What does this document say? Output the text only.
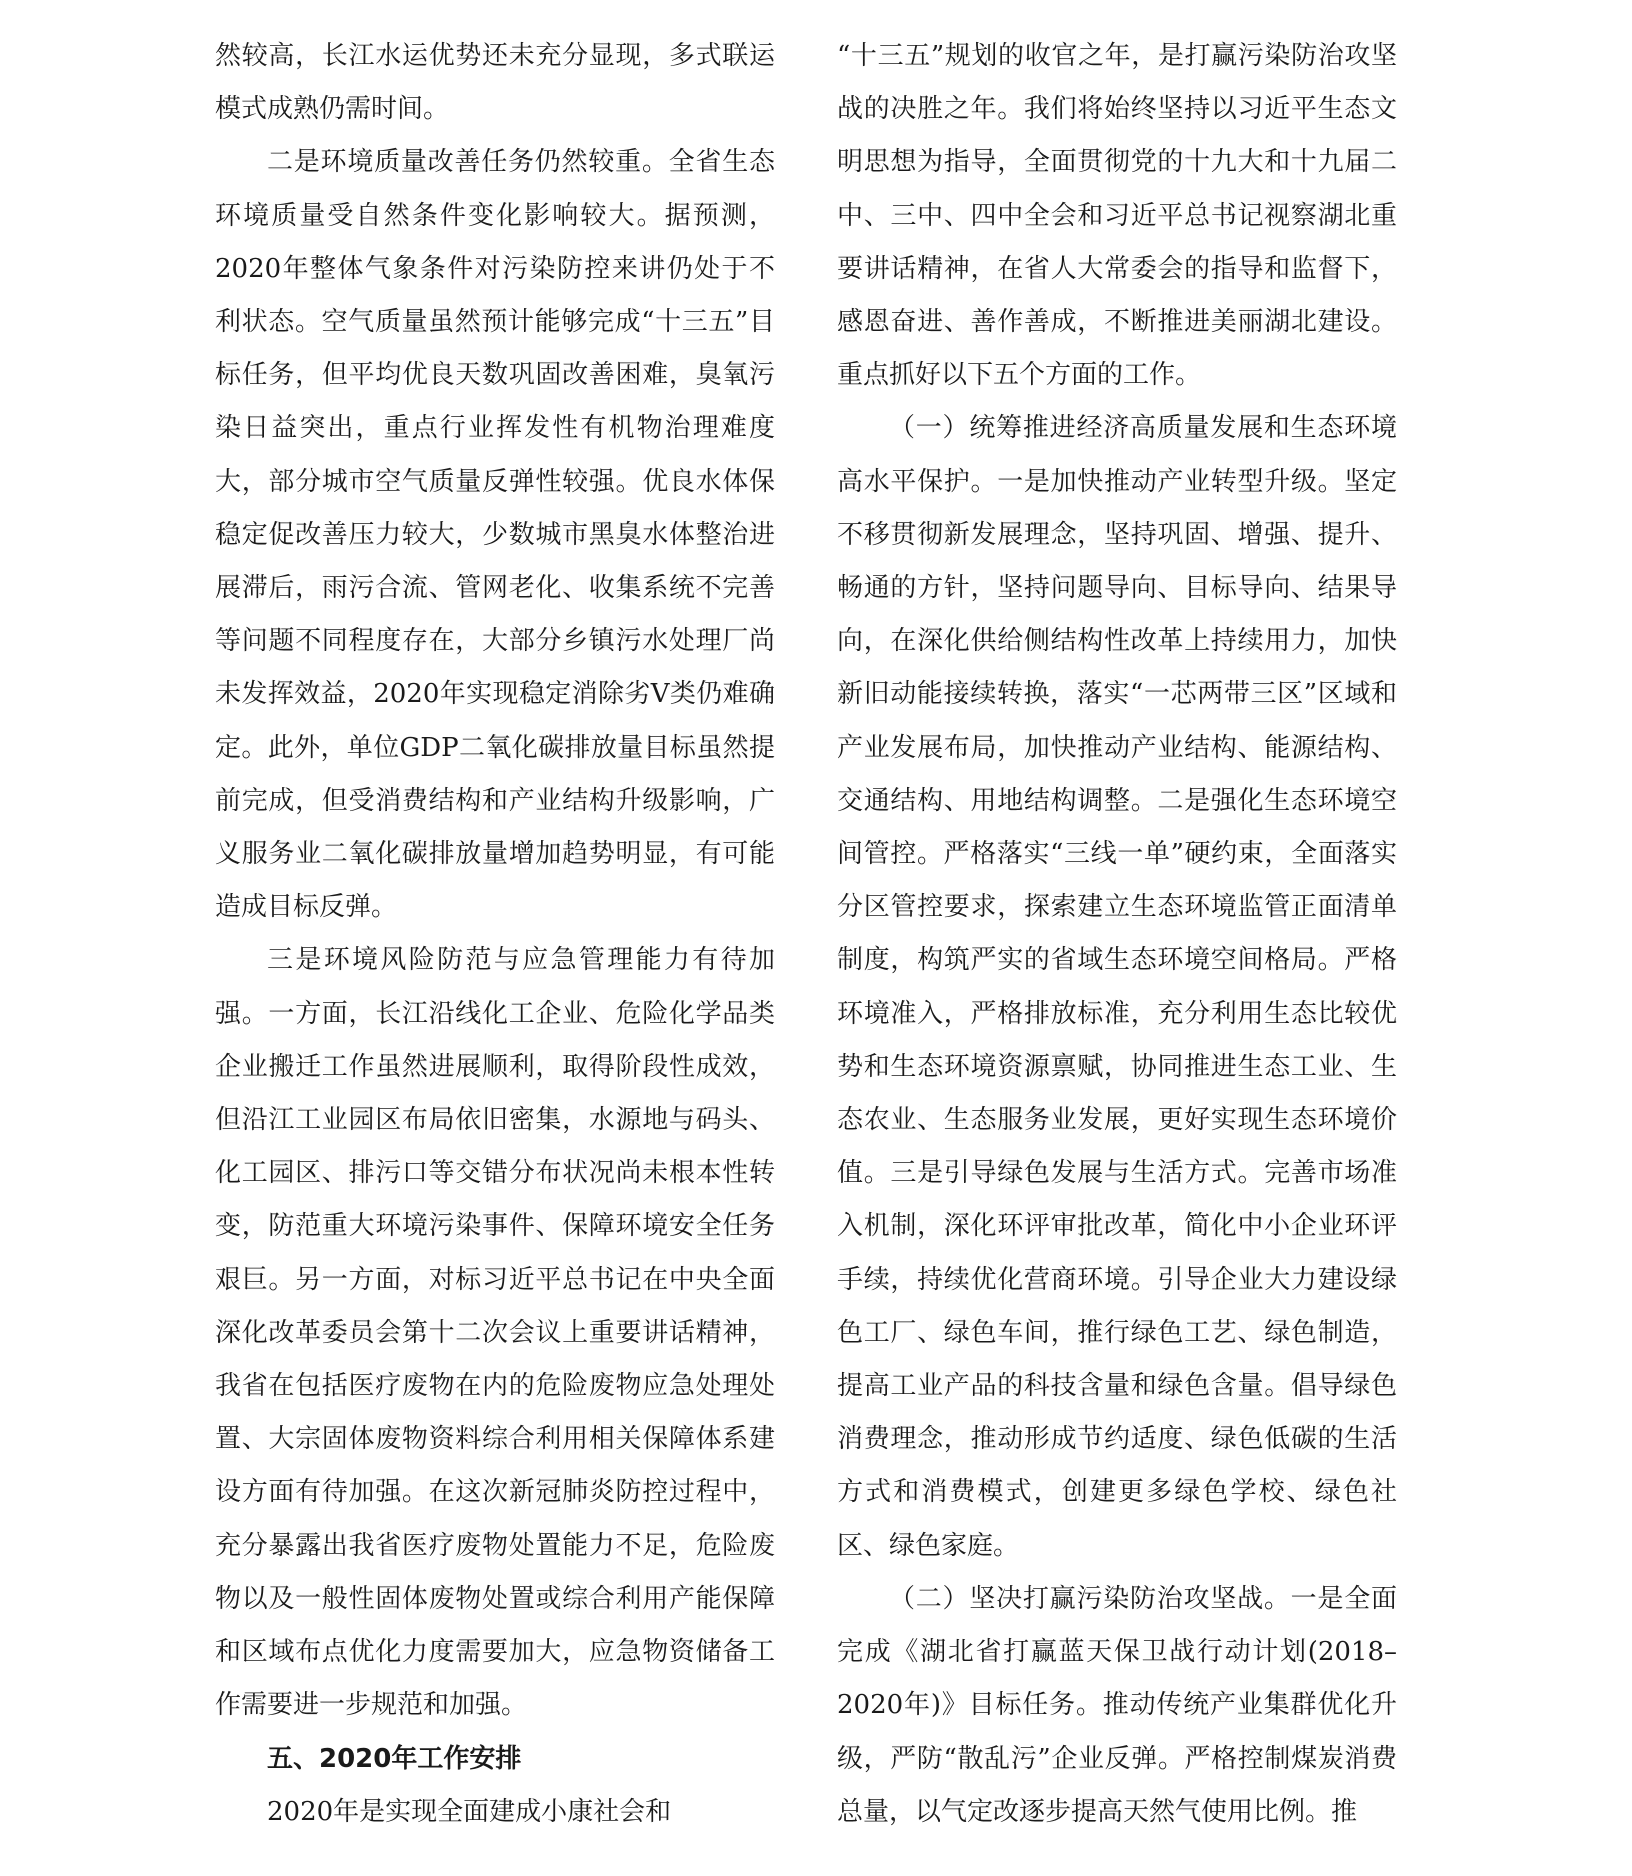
然较高，长江水运优势还未充分显现，多式联运模式成熟仍需时间。

二是环境质量改善任务仍然较重。全省生态环境质量受自然条件变化影响较大。据预测，2020年整体气象条件对污染防控来讲仍处于不利状态。空气质量虽然预计能够完成“十三五”目标任务，但平均优良天数巩固改善困难，臭氧污染日益突出，重点行业挥发性有机物治理难度大，部分城市空气质量反弹性较强。优良水体保稳定促改善压力较大，少数城市黑臭水体整治进展滞后，雨污合流、管网老化、收集系统不完善等问题不同程度存在，大部分乡镇污水处理厂尚未发挥效益，2020年实现稳定消除劣Ⅴ类仍难确定。此外，单位GDP二氧化碳排放量目标虽然提前完成，但受消费结构和产业结构升级影响，广义服务业二氧化碳排放量增加趋势明显，有可能造成目标反弹。

三是环境风险防范与应急管理能力有待加强。一方面，长江沿线化工企业、危险化学品类企业搬迁工作虽然进展顺利，取得阶段性成效，但沿江工业园区布局依旧密集，水源地与码头、化工园区、排污口等交错分布状况尚未根本性转变，防范重大环境污染事件、保障环境安全任务艰巨。另一方面，对标习近平总书记在中央全面深化改革委员会第十二次会议上重要讲话精神，我省在包括医疗废物在内的危险废物应急处理处置、大宗固体废物资料综合利用相关保障体系建设方面有待加强。在这次新冠肺炎防控过程中，充分暴露出我省医疗废物处置能力不足，危险废物以及一般性固体废物处置或综合利用产能保障和区域布点优化力度需要加大，应急物资储备工作需要进一步规范和加强。

五、2020年工作安排

2020年是实现全面建成小康社会和

“十三五”规划的收官之年，是打赢污染防治攻坚战的决胜之年。我们将始终坚持以习近平生态文明思想为指导，全面贯彻党的十九大和十九届二中、三中、四中全会和习近平总书记视察湖北重要讲话精神，在省人大常委会的指导和监督下，感恩奋进、善作善成，不断推进美丽湖北建设。重点抓好以下五个方面的工作。

（一）统筹推进经济高质量发展和生态环境高水平保护。一是加快推动产业转型升级。坚定不移贯彻新发展理念，坚持巩固、增强、提升、畅通的方针，坚持问题导向、目标导向、结果导向，在深化供给侧结构性改革上持续用力，加快新旧动能接续转换，落实“一芯两带三区”区域和产业发展布局，加快推动产业结构、能源结构、交通结构、用地结构调整。二是强化生态环境空间管控。严格落实“三线一单”硬约束，全面落实分区管控要求，探索建立生态环境监管正面清单制度，构筑严实的省域生态环境空间格局。严格环境准入，严格排放标准，充分利用生态比较优势和生态环境资源禀赋，协同推进生态工业、生态农业、生态服务业发展，更好实现生态环境价值。三是引导绿色发展与生活方式。完善市场准入机制，深化环评审批改革，简化中小企业环评手续，持续优化营商环境。引导企业大力建设绿色工厂、绿色车间，推行绿色工艺、绿色制造，提高工业产品的科技含量和绿色含量。倡导绿色消费理念，推动形成节约适度、绿色低碳的生活方式和消费模式，创建更多绿色学校、绿色社区、绿色家庭。

（二）坚决打赢污染防治攻坚战。一是全面完成《湖北省打赢蓝天保卫战行动计划(2018–2020年)》目标任务。推动传统产业集群优化升级，严防“散乱污”企业反弹。严格控制煤炭消费总量，以气定改逐步提高天然气使用比例。推
